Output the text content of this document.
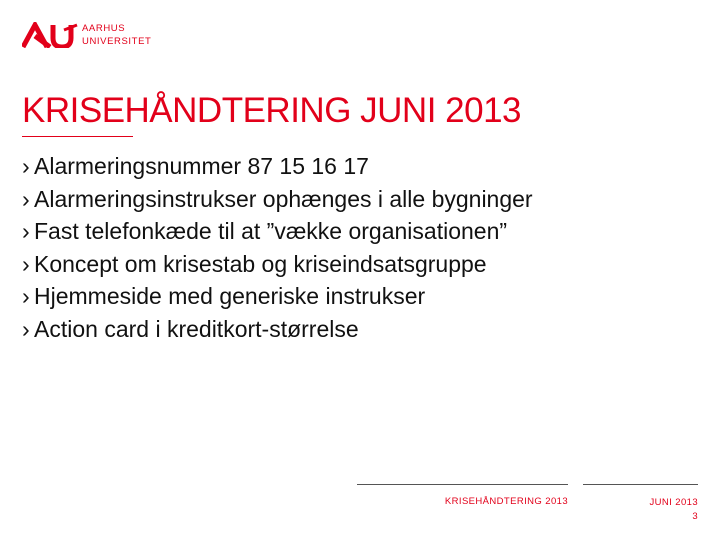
AARHUS
UNIVERSITET
KRISEHÅNDTERING JUNI 2013
› Alarmeringsnummer 87 15 16 17
› Alarmeringsinstrukser ophænges i alle bygninger
› Fast telefonkæde til at ”vække organisationen”
› Koncept om krisestab og kriseindsatsgruppe
› Hjemmeside med generiske instrukser
› Action card i kreditkort-størrelse
KRISEHÅNDTERING 2013	JUNI 2013
3
